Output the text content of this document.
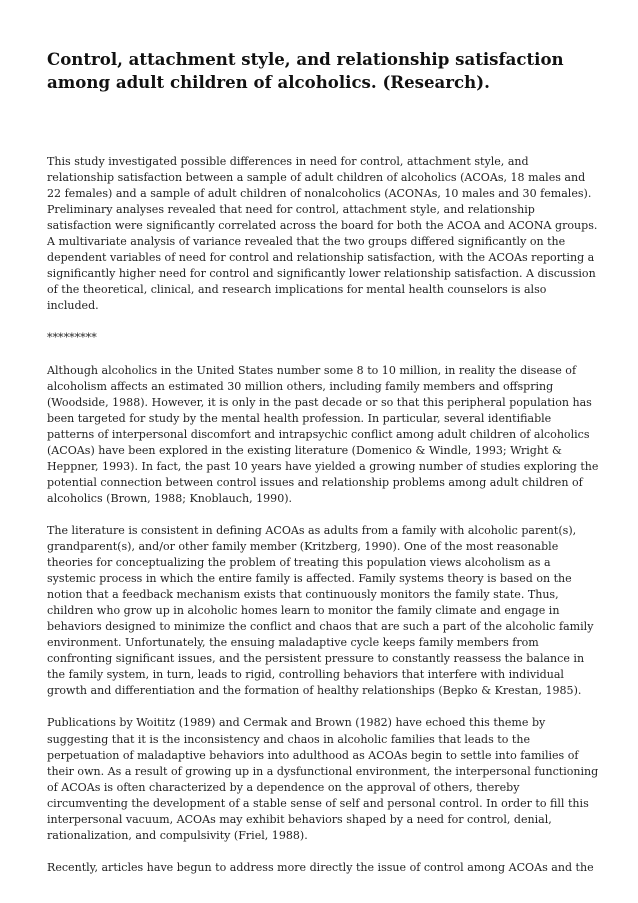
Control, attachment style, and relationship satisfaction among adult children of alcoholics. (Research).

This study investigated possible differences in need for control, attachment style, and relationship satisfaction between a sample of adult children of alcoholics (ACOAs, 18 males and 22 females) and a sample of adult children of nonalcoholics (ACONAs, 10 males and 30 females). Preliminary analyses revealed that need for control, attachment style, and relationship satisfaction were significantly correlated across the board for both the ACOA and ACONA groups. A multivariate analysis of variance revealed that the two groups differed significantly on the dependent variables of need for control and relationship satisfaction, with the ACOAs reporting a significantly higher need for control and significantly lower relationship satisfaction. A discussion of the theoretical, clinical, and research implications for mental health counselors is also included.

*********

Although alcoholics in the United States number some 8 to 10 million, in reality the disease of alcoholism affects an estimated 30 million others, including family members and offspring (Woodside, 1988). However, it is only in the past decade or so that this peripheral population has been targeted for study by the mental health profession. In particular, several identifiable patterns of interpersonal discomfort and intrapsychic conflict among adult children of alcoholics (ACOAs) have been explored in the existing literature (Domenico & Windle, 1993; Wright & Heppner, 1993). In fact, the past 10 years have yielded a growing number of studies exploring the potential connection between control issues and relationship problems among adult children of alcoholics (Brown, 1988; Knoblauch, 1990).

The literature is consistent in defining ACOAs as adults from a family with alcoholic parent(s), grandparent(s), and/or other family member (Kritzberg, 1990). One of the most reasonable theories for conceptualizing the problem of treating this population views alcoholism as a systemic process in which the entire family is affected. Family systems theory is based on the notion that a feedback mechanism exists that continuously monitors the family state. Thus, children who grow up in alcoholic homes learn to monitor the family climate and engage in behaviors designed to minimize the conflict and chaos that are such a part of the alcoholic family environment. Unfortunately, the ensuing maladaptive cycle keeps family members from confronting significant issues, and the persistent pressure to constantly reassess the balance in the family system, in turn, leads to rigid, controlling behaviors that interfere with individual growth and differentiation and the formation of healthy relationships (Bepko & Krestan, 1985).

Publications by Woititz (1989) and Cermak and Brown (1982) have echoed this theme by suggesting that it is the inconsistency and chaos in alcoholic families that leads to the perpetuation of maladaptive behaviors into adulthood as ACOAs begin to settle into families of their own. As a result of growing up in a dysfunctional environment, the interpersonal functioning of ACOAs is often characterized by a dependence on the approval of others, thereby circumventing the development of a stable sense of self and personal control. In order to fill this interpersonal vacuum, ACOAs may exhibit behaviors shaped by a need for control, denial, rationalization, and compulsivity (Friel, 1988).

Recently, articles have begun to address more directly the issue of control among ACOAs and the
